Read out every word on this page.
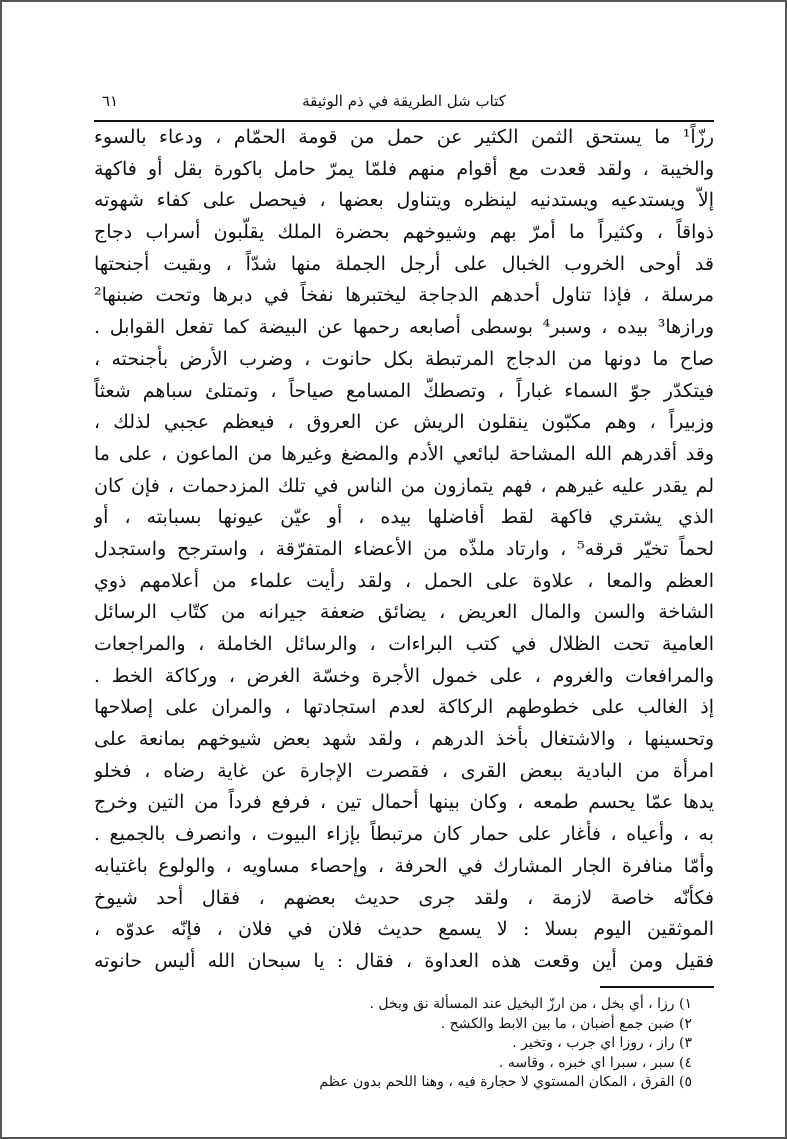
كتاب شل الطريقة في ذم الوثيقة
٦١
رزّاً¹ ما يستحق الثمن الكثير عن حمل من قومة الحمّام ، ودعاء بالسوء
والخيبة ، ولقد قعدت مع أقوام منهم فلمّا يمرّ حامل باكورة بقل أو فاكهة
إلاّ ويستدعيه ويستدنيه لينظره ويتناول بعضها ، فيحصل على كفاء شهوته
ذواقاً ، وكثيراً ما أمرّ بهم وشيوخهم بحضرة الملك يقلّبون أسراب دجاج
قد أوحى الخروب الخبال على أرجل الجملة منها شدّاً ، وبقيت أجنحتها
مرسلة ، فإذا تناول أحدهم الدجاجة ليختبرها نفخاً في دبرها وتحت ضبنها²
ورازها³ بيده ، وسبر⁴ بوسطى أصابعه رحمها عن البيضة كما تفعل القوابل .
صاح ما دونها من الدجاج المرتبطة بكل حانوت ، وضرب الأرض بأجنحته ،
فيتكدّر جوّ السماء غباراً ، وتصطكّ المسامع صياحاً ، وتمتلئ سباهم شعثاً
وزبيراً ، وهم مكبّون ينقلون الريش عن العروق ، فيعظم عجبي لذلك ،
وقد أقدرهم الله المشاحة لبائعي الأدم والمضغ وغيرها من الماعون ، على ما
لم يقدر عليه غيرهم ، فهم يتمازون من الناس في تلك المزدحمات ، فإن كان
الذي يشتري فاكهة لقط أفاضلها بيده ، أو عيّن عيونها بسبابته ، أو
لحماً تخيّر قرقه⁵ ، وارتاد ملذّه من الأعضاء المتفرّقة ، واسترجح واستجدل
العظم والمعا ، علاوة على الحمل ، ولقد رأيت علماء من أعلامهم ذوي
الشاخة والسن والمال العريض ، يضائق ضعفة جيرانه من كتّاب الرسائل
العامية تحت الظلال في كتب البراءات ، والرسائل الخاملة ، والمراجعات
والمرافعات والغروم ، على خمول الأجرة وخسّة الغرض ، وركاكة الخط .
إذ الغالب على خطوطهم الركاكة لعدم استجادتها ، والمران على إصلاحها
وتحسينها ، والاشتغال بأخذ الدرهم ، ولقد شهد بعض شيوخهم بمانعة على
امرأة من البادية ببعض القرى ، فقصرت الإجارة عن غاية رضاه ، فخلو
يدها عمّا يحسم طمعه ، وكان بينها أحمال تين ، فرفع فرداً من التين وخرج
به ، وأعياه ، فأغار على حمار كان مرتبطاً بإزاء البيوت ، وانصرف بالجميع .
وأمّا منافرة الجار المشارك في الحرفة ، وإحصاء مساويه ، والولوع باغتيابه
فكأنّه خاصة لازمة ، ولقد جرى حديث بعضهم ، فقال أحد شيوخ
الموثقين اليوم بسلا : لا يسمع حديث فلان في فلان ، فإنّه عدوّه ،
فقيل ومن أين وقعت هذه العداوة ، فقال : يا سبحان الله أليس حانوته
١) رزا ، أي بخل ، من ارزّ البخيل عند المسألة نق وبخل .
٢) ضبن جمع أضبان ، ما بين الابط والكشح .
٣) راز ، روزا اي جرب ، وتخير .
٤) سبر ، سبرا اي خبره ، وقاسه .
٥) القرق ، المكان المستوي لا حجارة فيه ، وهنا اللحم بدون عظم
